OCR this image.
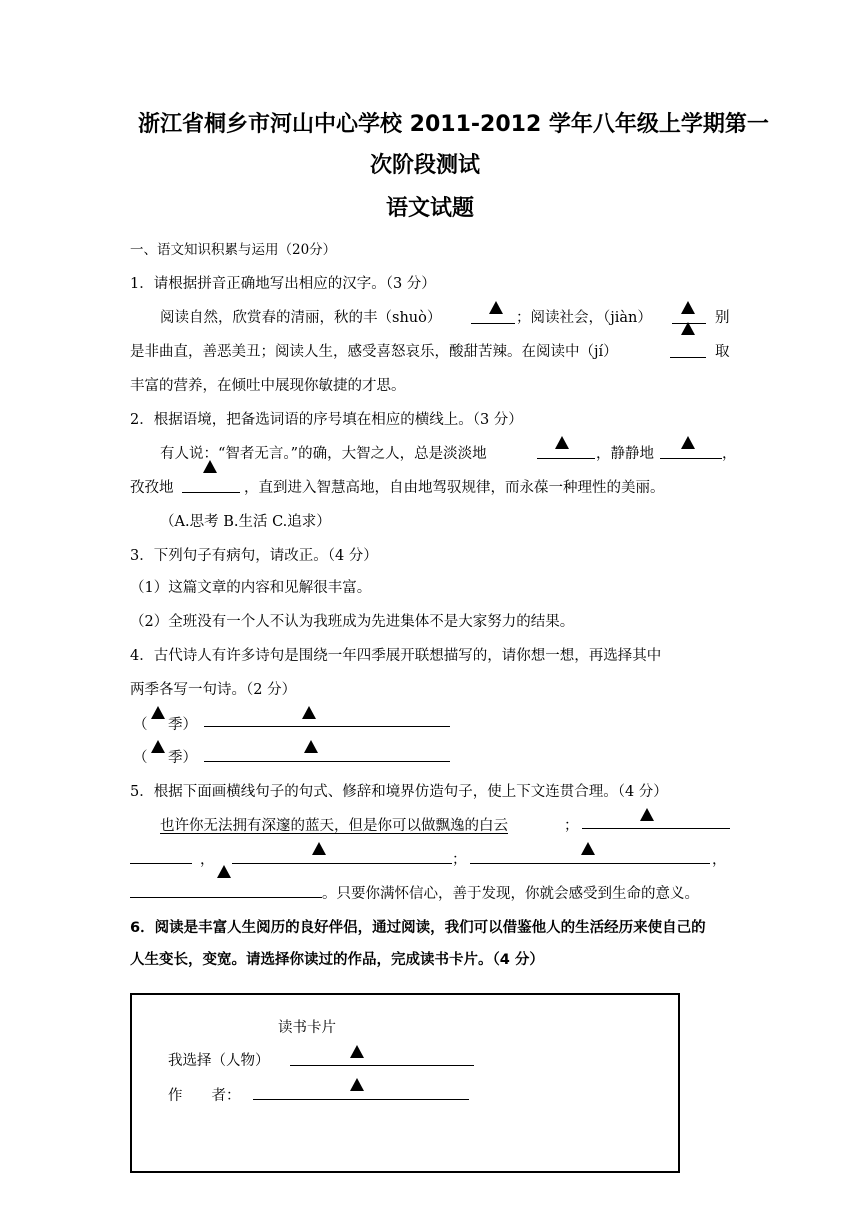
浙江省桐乡市河山中心学校 2011-2012 学年八年级上学期第一
次阶段测试
语文试题
一、语文知识积累与运用（20分）
1．请根据拼音正确地写出相应的汉字。（3 分）
阅读自然，欣赏春的清丽，秋的丰（shuò）	；阅读社会，（jiàn）	别
是非曲直，善恶美丑；阅读人生，感受喜怒哀乐，酸甜苦辣。在阅读中（jí）	取
丰富的营养，在倾吐中展现你敏捷的才思。
2．根据语境，把备选词语的序号填在相应的横线上。（3 分）
有人说：“智者无言。”的确，大智之人，总是淡淡地	，静静地	，
孜孜地	，直到进入智慧高地，自由地驾驭规律，而永葆一种理性的美丽。
（A.思考 B.生活 C.追求）
3．下列句子有病句，请改正。（4 分）
（1）这篇文章的内容和见解很丰富。
（2）全班没有一个人不认为我班成为先进集体不是大家努力的结果。
4．古代诗人有许多诗句是围绕一年四季展开联想描写的，请你想一想，再选择其中
两季各写一句诗。（2 分）
（ 季）
（ 季）
5．根据下面画横线句子的句式、修辞和境界仿造句子，使上下文连贯合理。（4 分）
也许你无法拥有深邃的蓝天，但是你可以做飘逸的白云	；
，	；	，
。只要你满怀信心，善于发现，你就会感受到生命的意义。
6．阅读是丰富人生阅历的良好伴侣，通过阅读，我们可以借鉴他人的生活经历来使自己的
人生变长，变宽。请选择你读过的作品，完成读书卡片。（4 分）
读书卡片
我选择（人物）
作　　者：
